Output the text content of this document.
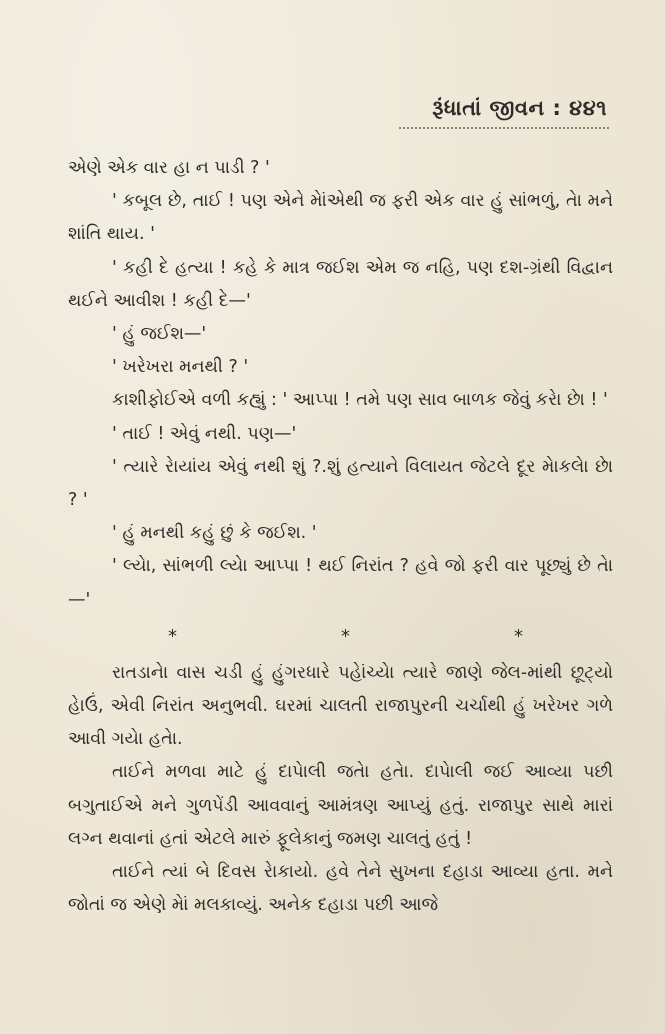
રૂંધાતાં જીવન : ૪૪૧

એણે એક વાર હા ન પાડી ? '

' કબૂલ છે, તાઈ ! પણ એને મેાંએથી જ ફરી એક વાર હું સાંભળું, તેા મને શાંતિ થાય. '

' કહી દે હત્યા ! કહે કે માત્ર જઈશ એમ જ નહિ, પણ દશ-ગ્રંથી વિદ્વાન થઈને આવીશ ! કહી દે—'

' હું જઈશ—'

' ખરેખરા મનથી ? '

કાશીફોઈએ વળી કહ્યું : ' આપ્પા ! તમે પણ સાવ બાળક જેવું કરેા છેા ! '

' તાઈ ! એવું નથી. પણ—'

' ત્યારે રેાયાંય એવું નથી શું ?.શું હત્યાને વિલાયત જેટલે દૂર મેાકલેા છેા ? '

' હું મનથી કહું છું કે જઈશ. '

' લ્યેા, સાંભળી લ્યેા આપ્પા ! થઈ નિરાંત ? હવે જો ફરી વાર પૂછ્યું છે તેા—'

*	*	*

રાતડાનેા વાસ ચડી હું હુંગરધારે પહેાંચ્યેા ત્યારે જાણે જેલ-માંથી છૂટ્યો હેાઉં, એવી નિરાંત અનુભવી. ઘરમાં ચાલતી રાજાપુરની ચર્ચાથી હું ખરેખર ગળે આવી ગયેા હતેા.

તાઈને મળવા માટે હું દાપેાલી જતેા હતેા. દાપેાલી જઈ આવ્યા પછી બગુતાઈએ મને ગુળપેંડી આવવાનું આમંત્રણ આપ્યું હતું. રાજાપુર સાથે મારાં લગ્ન થવાનાં હતાં એટલે મારું ફૂલેકાનું જમણ ચાલતું હતું !

તાઈને ત્યાં બે દિવસ રેાકાયો. હવે તેને સુખના દહાડા આવ્યા હતા. મને જોતાં જ એણે મેાં મલકાવ્યું. અનેક દહાડા પછી આજે
